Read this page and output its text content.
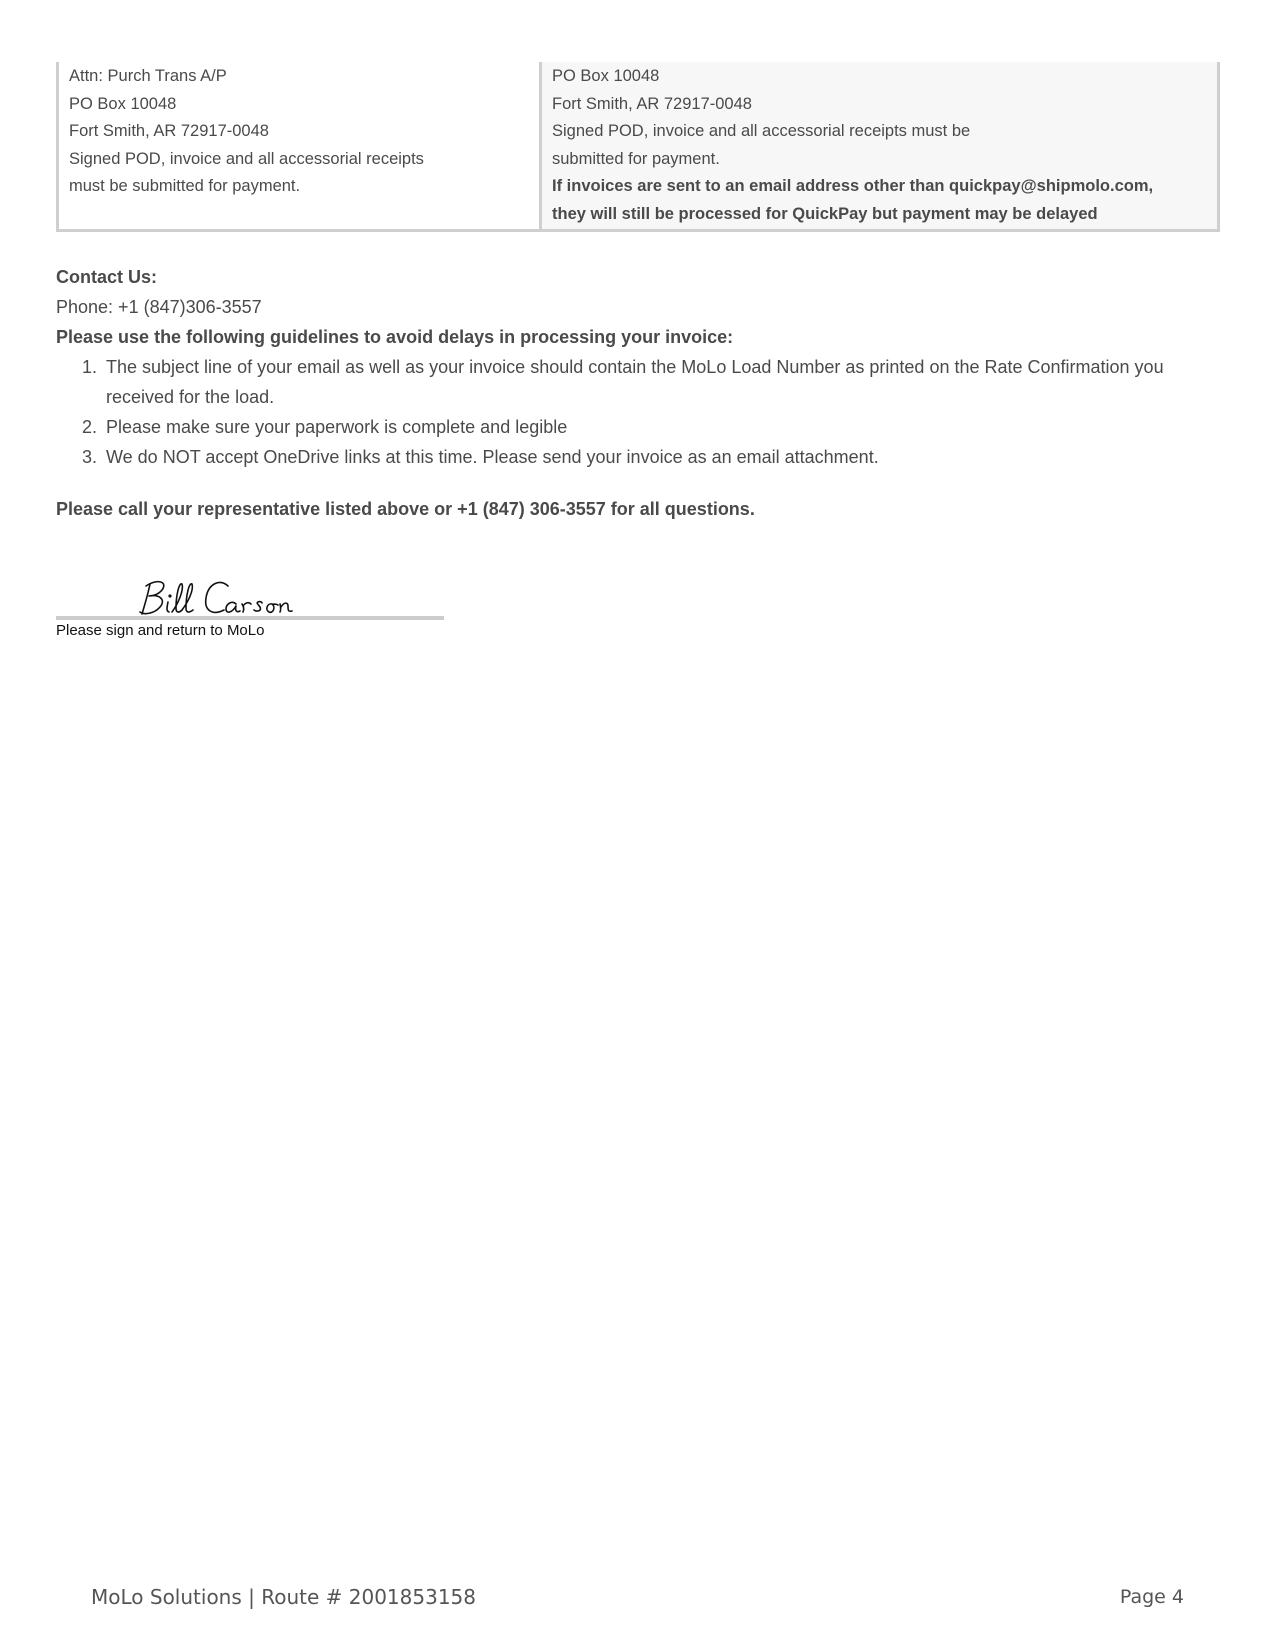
Attn: Purch Trans A/P
PO Box 10048
Fort Smith, AR 72917-0048
Signed POD, invoice and all accessorial receipts
must be submitted for payment.
PO Box 10048
Fort Smith, AR 72917-0048
Signed POD, invoice and all accessorial receipts must be
submitted for payment.
If invoices are sent to an email address other than quickpay@shipmolo.com,
they will still be processed for QuickPay but payment may be delayed
Contact Us:
Phone: +1 (847)306-3557
Please use the following guidelines to avoid delays in processing your invoice:
1. The subject line of your email as well as your invoice should contain the MoLo Load Number as printed on the Rate Confirmation you received for the load.
2. Please make sure your paperwork is complete and legible
3. We do NOT accept OneDrive links at this time. Please send your invoice as an email attachment.
Please call your representative listed above or +1 (847) 306-3557 for all questions.
Please sign and return to MoLo
MoLo Solutions | Route # 2001853158	Page 4
